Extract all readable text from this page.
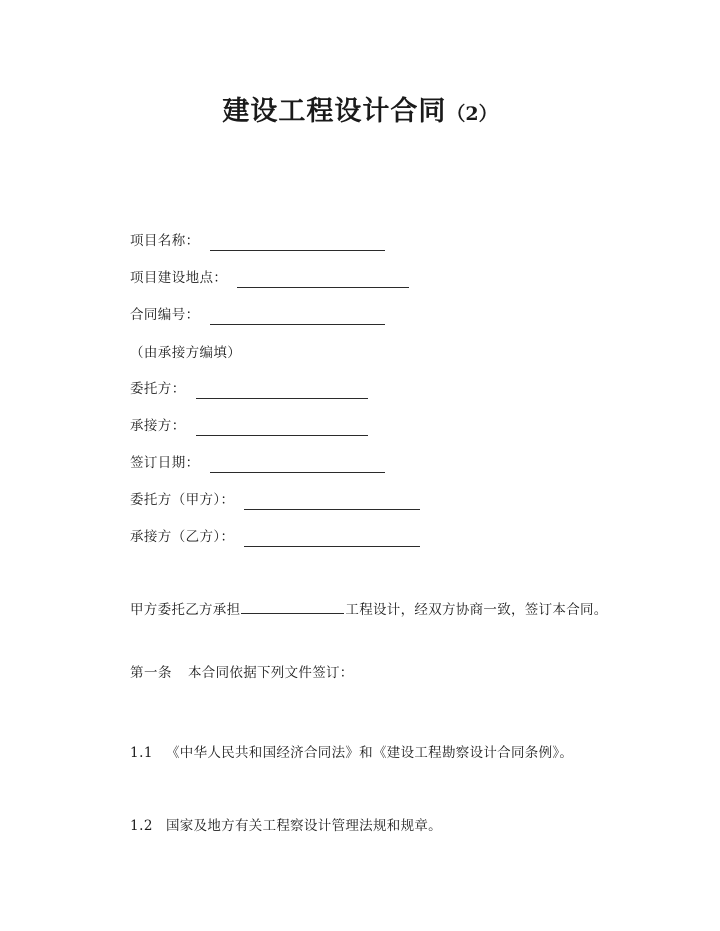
建设工程设计合同（2）
项目名称：
项目建设地点：
合同编号：
（由承接方编填）
委托方：
承接方：
签订日期：
委托方（甲方）：
承接方（乙方）：

甲方委托乙方承担	工程设计，经双方协商一致，签订本合同。

第一条 本合同依据下列文件签订：
1.1 《中华人民共和国经济合同法》和《建设工程勘察设计合同条例》。
1.2 国家及地方有关工程察设计管理法规和规章。
